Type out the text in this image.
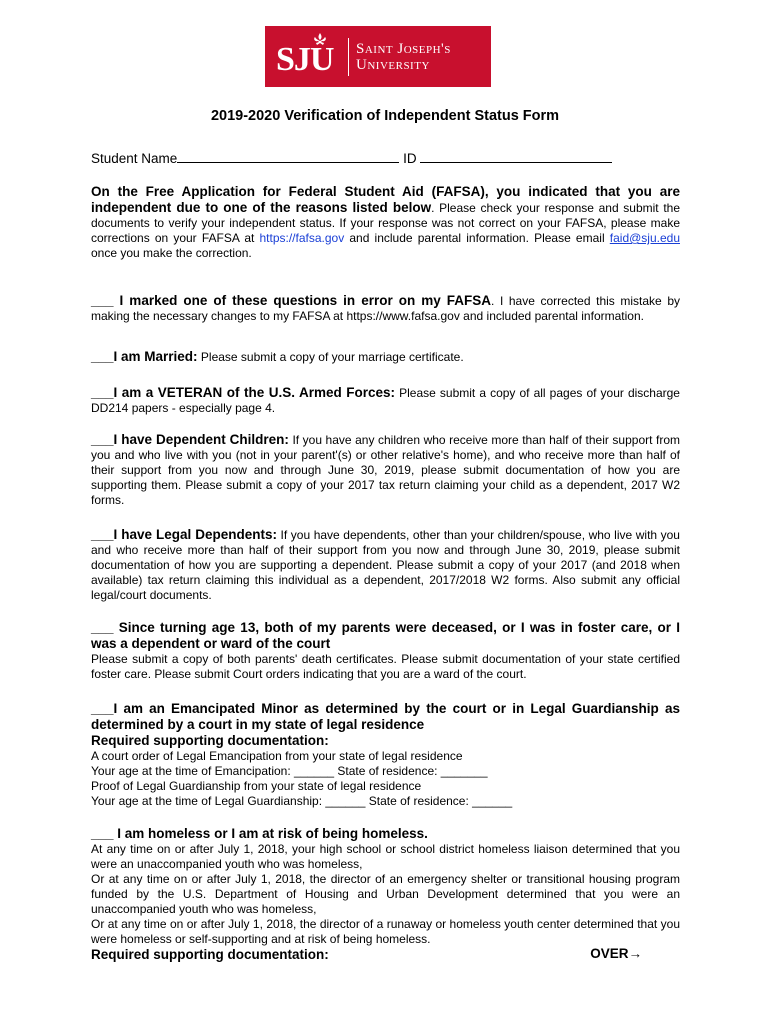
SJU Saint Joseph's
University
2019-2020 Verification of Independent Status Form
Student Name	ID
On the Free Application for Federal Student Aid (FAFSA), you indicated that you are independent due to one of the reasons listed below. Please check your response and submit the documents to verify your independent status. If your response was not correct on your FAFSA, please make corrections on your FAFSA at https://fafsa.gov and include parental information. Please email faid@sju.edu once you make the correction.
___ I marked one of these questions in error on my FAFSA. I have corrected this mistake by making the necessary changes to my FAFSA at https://www.fafsa.gov and included parental information.
___I am Married: Please submit a copy of your marriage certificate.
___I am a VETERAN of the U.S. Armed Forces: Please submit a copy of all pages of your discharge DD214 papers - especially page 4.
___I have Dependent Children: If you have any children who receive more than half of their support from you and who live with you (not in your parent'(s) or other relative's home), and who receive more than half of their support from you now and through June 30, 2019, please submit documentation of how you are supporting them. Please submit a copy of your 2017 tax return claiming your child as a dependent, 2017 W2 forms.
___I have Legal Dependents: If you have dependents, other than your children/spouse, who live with you and who receive more than half of their support from you now and through June 30, 2019, please submit documentation of how you are supporting a dependent. Please submit a copy of your 2017 (and 2018 when available) tax return claiming this individual as a dependent, 2017/2018 W2 forms. Also submit any official legal/court documents.
___ Since turning age 13, both of my parents were deceased, or I was in foster care, or I was a dependent or ward of the court
Please submit a copy of both parents' death certificates. Please submit documentation of your state certified foster care. Please submit Court orders indicating that you are a ward of the court.
___I am an Emancipated Minor as determined by the court or in Legal Guardianship as determined by a court in my state of legal residence
Required supporting documentation:
A court order of Legal Emancipation from your state of legal residence
Your age at the time of Emancipation: ______ State of residence: _______
Proof of Legal Guardianship from your state of legal residence
Your age at the time of Legal Guardianship: ______ State of residence: ______
___ I am homeless or I am at risk of being homeless.
At any time on or after July 1, 2018, your high school or school district homeless liaison determined that you were an unaccompanied youth who was homeless,
Or at any time on or after July 1, 2018, the director of an emergency shelter or transitional housing program funded by the U.S. Department of Housing and Urban Development determined that you were an unaccompanied youth who was homeless,
Or at any time on or after July 1, 2018, the director of a runaway or homeless youth center determined that you were homeless or self-supporting and at risk of being homeless.
Required supporting documentation:	OVER→
